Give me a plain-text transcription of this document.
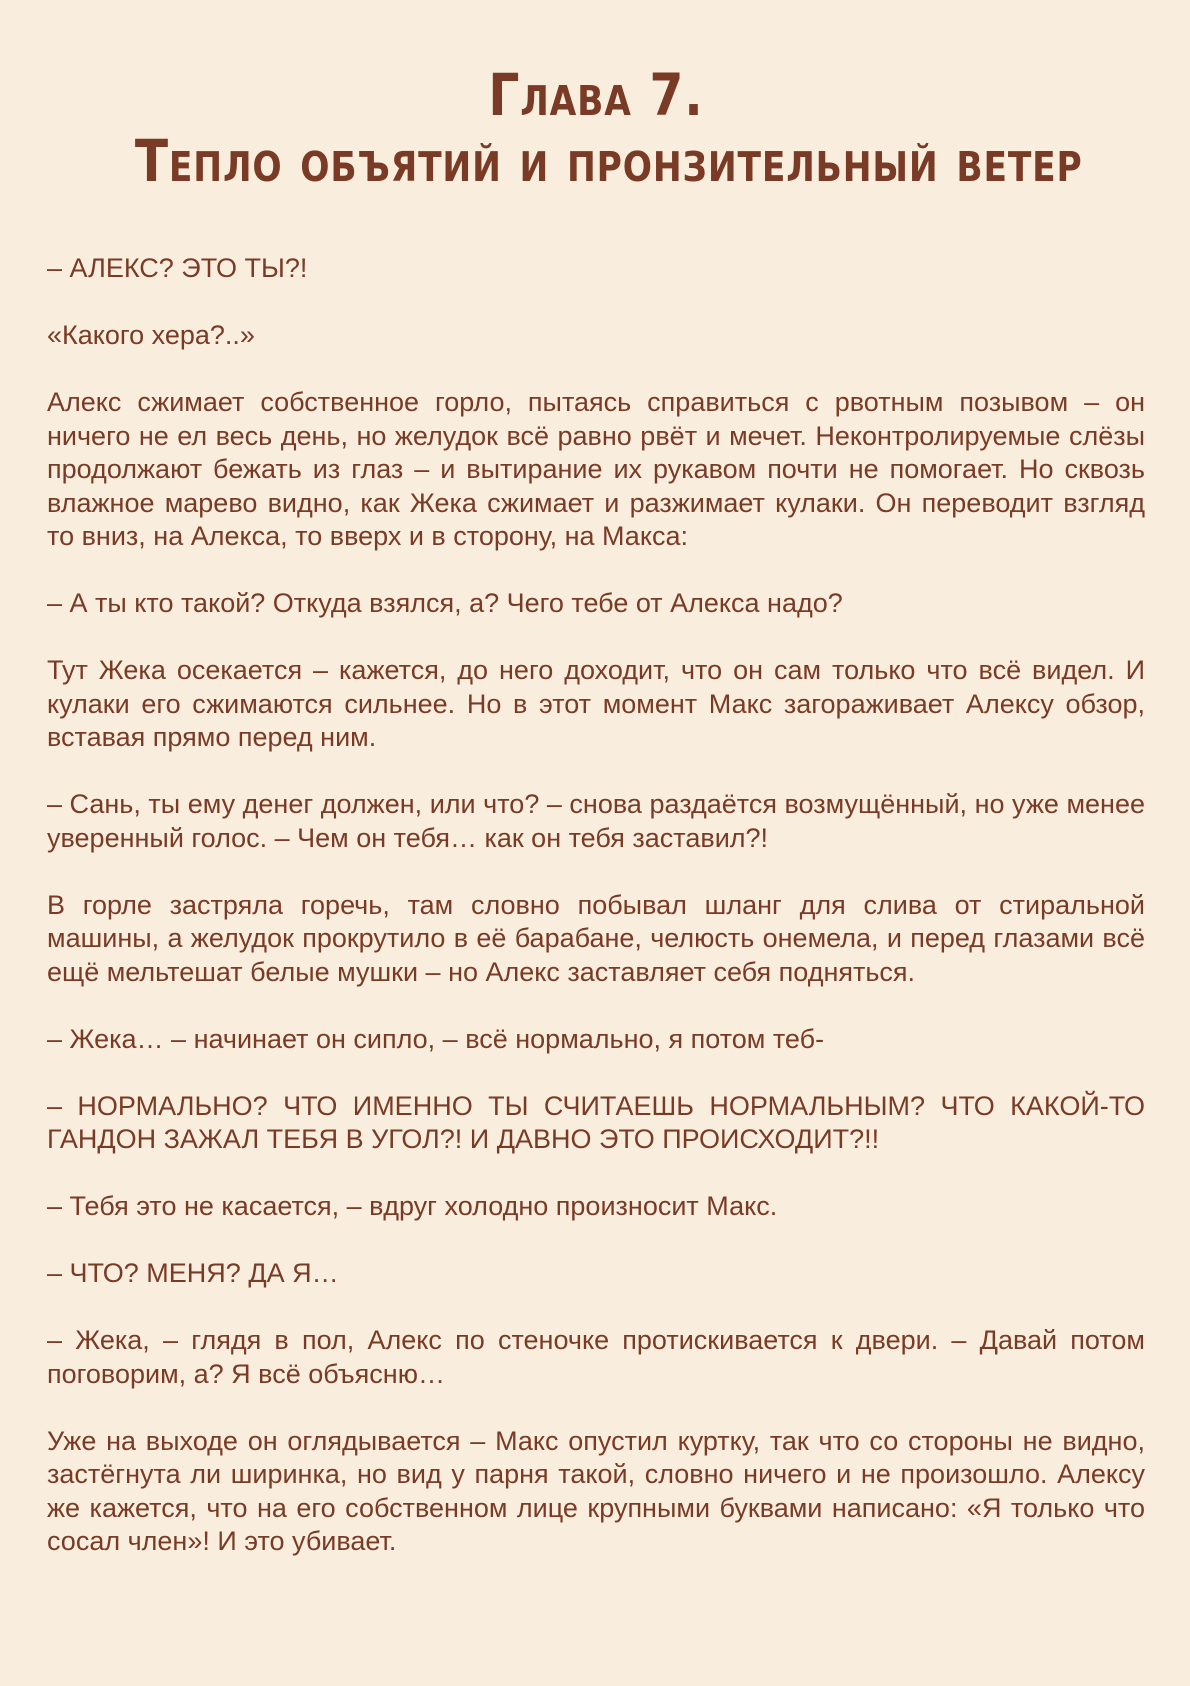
Глава 7.
Тепло объятий и пронзительный ветер

– АЛЕКС? ЭТО ТЫ?!

«Какого хера?..»

Алекс сжимает собственное горло, пытаясь справиться с рвотным позывом – он ничего не ел весь день, но желудок всё равно рвёт и мечет. Неконтролируемые слёзы продолжают бежать из глаз – и вытирание их рукавом почти не помогает. Но сквозь влажное марево видно, как Жека сжимает и разжимает кулаки. Он переводит взгляд то вниз, на Алекса, то вверх и в сторону, на Макса:

– А ты кто такой? Откуда взялся, а? Чего тебе от Алекса надо?

Тут Жека осекается – кажется, до него доходит, что он сам только что всё видел. И кулаки его сжимаются сильнее. Но в этот момент Макс загораживает Алексу обзор, вставая прямо перед ним.

– Сань, ты ему денег должен, или что? – снова раздаётся возмущённый, но уже менее уверенный голос. – Чем он тебя… как он тебя заставил?!

В горле застряла горечь, там словно побывал шланг для слива от стиральной машины, а желудок прокрутило в её барабане, челюсть онемела, и перед глазами всё ещё мельтешат белые мушки – но Алекс заставляет себя подняться.

– Жека… – начинает он сипло, – всё нормально, я потом теб-

– НОРМАЛЬНО? ЧТО ИМЕННО ТЫ СЧИТАЕШЬ НОРМАЛЬНЫМ? ЧТО КАКОЙ-ТО ГАНДОН ЗАЖАЛ ТЕБЯ В УГОЛ?! И ДАВНО ЭТО ПРОИСХОДИТ?!!

– Тебя это не касается, – вдруг холодно произносит Макс.

– ЧТО? МЕНЯ? ДА Я…

– Жека, – глядя в пол, Алекс по стеночке протискивается к двери. – Давай потом поговорим, а? Я всё объясню…

Уже на выходе он оглядывается – Макс опустил куртку, так что со стороны не видно, застёгнута ли ширинка, но вид у парня такой, словно ничего и не произошло. Алексу же кажется, что на его собственном лице крупными буквами написано: «Я только что сосал член»! И это убивает.
